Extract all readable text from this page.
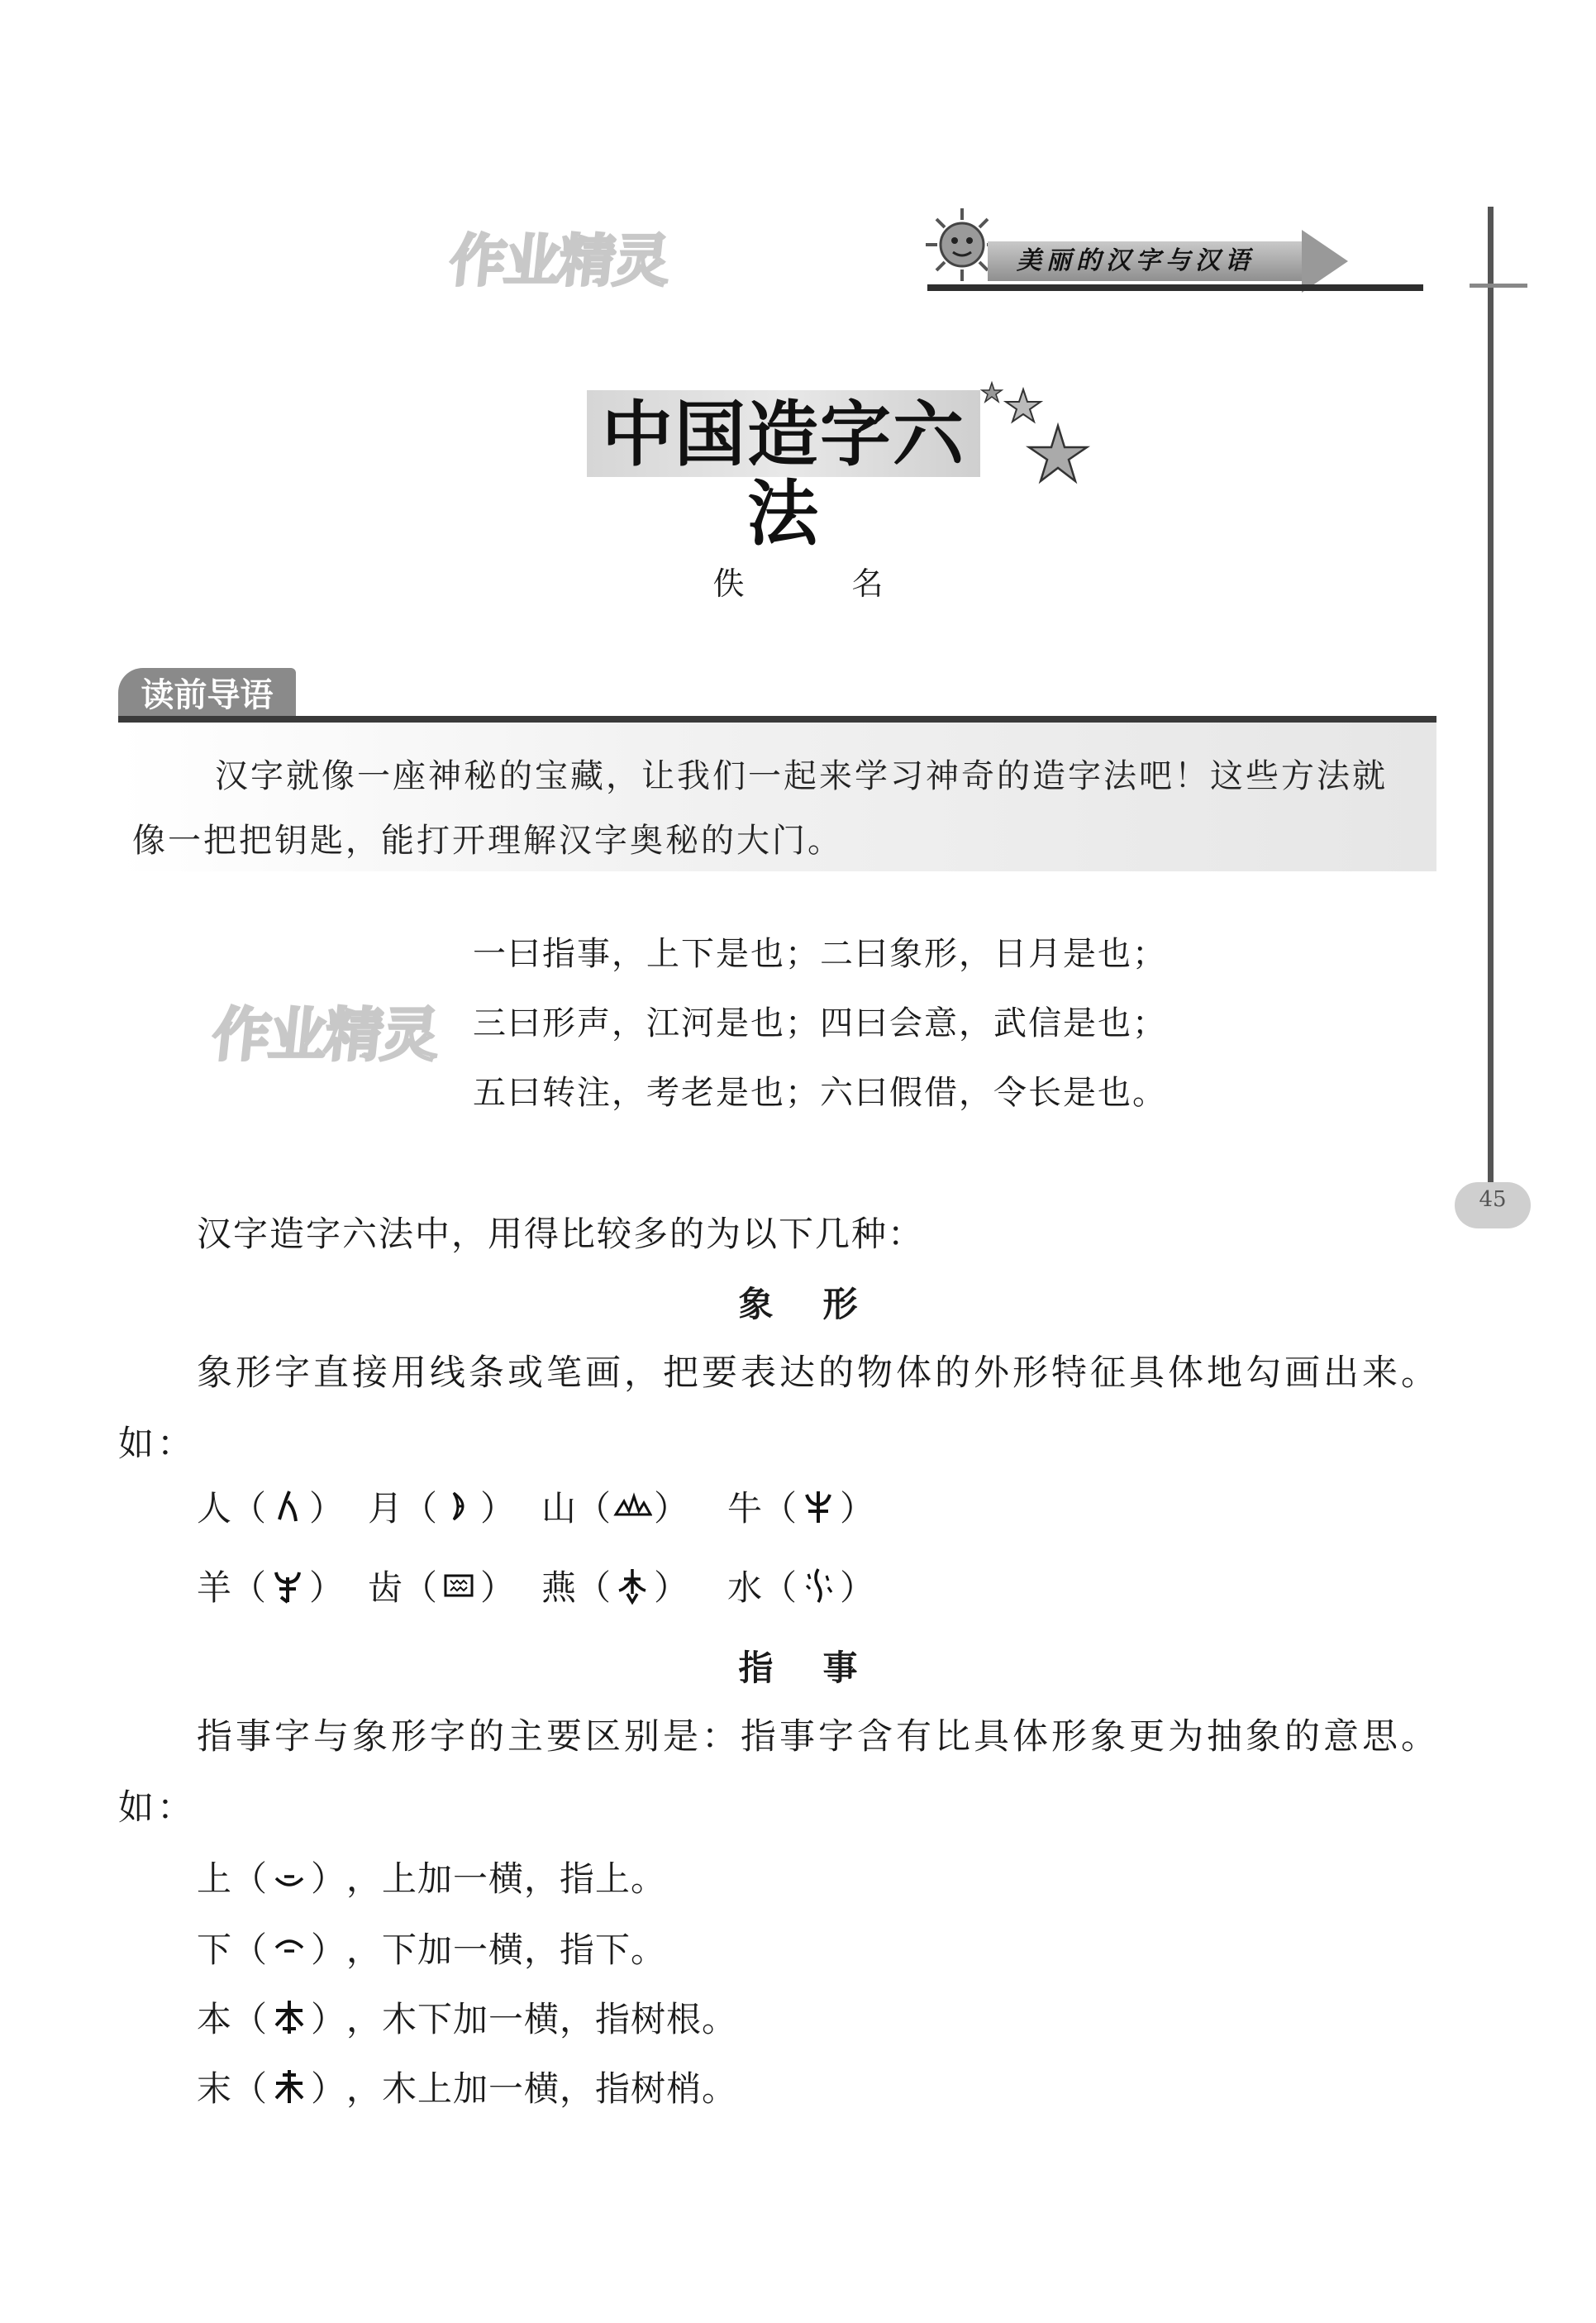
美丽的汉字与汉语
45
作业精灵
作业精灵
中国造字六法
佚　名
读前导语
汉字就像一座神秘的宝藏，让我们一起来学习神奇的造字法吧！这些方法就像一把把钥匙，能打开理解汉字奥秘的大门。
一曰指事，上下是也；二曰象形，日月是也；
三曰形声，江河是也；四曰会意，武信是也；
五曰转注，考老是也；六曰假借，令长是也。
汉字造字六法中，用得比较多的为以下几种：
象形
象形字直接用线条或笔画，把要表达的物体的外形特征具体地勾画出来。如：
人 （ ） 月 （ ） 山 （ ） 牛 （ ）
羊 （ ） 齿 （ ） 燕 （ ） 水 （ ）
指事
指事字与象形字的主要区别是：指事字含有比具体形象更为抽象的意思。如：
上 （ ） ，上加一横，指上。
下 （ ） ，下加一横，指下。
本 （ ） ，木下加一横，指树根。
末 （ ） ，木上加一横，指树梢。
